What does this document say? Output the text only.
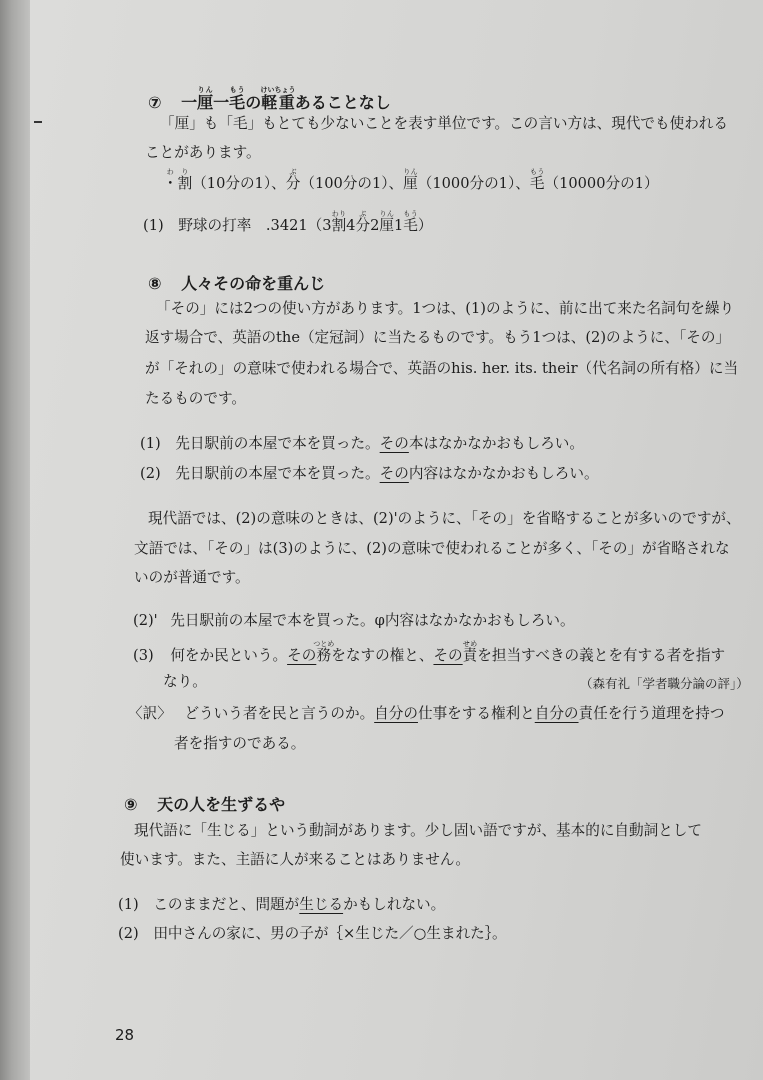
⑦ 一厘りん一毛もうの軽重けいちょうあることなし
「厘」も「毛」もとても少ないことを表す単位です。この言い方は、現代でも使われる
ことがあります。
・割わり（10分の1）、分ぶ（100分の1）、厘りん（1000分の1）、毛もう（10000分の1）
(1) 野球の打率　.3421（3割わり4分ぶ2厘りん1毛もう）
⑧ 人々その命を重んじ
「その」には2つの使い方があります。1つは、(1)のように、前に出て来た名詞句を繰り
返す場合で、英語のthe（定冠詞）に当たるものです。もう1つは、(2)のように、「その」
が「それの」の意味で使われる場合で、英語のhis. her. its. their（代名詞の所有格）に当
たるものです。
(1) 先日駅前の本屋で本を買った。その本はなかなかおもしろい。
(2) 先日駅前の本屋で本を買った。その内容はなかなかおもしろい。
現代語では、(2)の意味のときは、(2)'のように、「その」を省略することが多いのですが、
文語では、「その」は(3)のように、(2)の意味で使われることが多く、「その」が省略されな
いのが普通です。
(2)' 先日駅前の本屋で本を買った。φ内容はなかなかおもしろい。
(3) 何をか民という。その務つとめをなすの権と、その責せめを担当すべきの義とを有する者を指す
なり。	（森有礼「学者職分論の評」）
〈訳〉 どういう者を民と言うのか。自分の仕事をする権利と自分の責任を行う道理を持つ
者を指すのである。
⑨ 天の人を生ずるや
現代語に「生じる」という動詞があります。少し固い語ですが、基本的に自動詞として
使います。また、主語に人が来ることはありません。
(1) このままだと、問題が生じるかもしれない。
(2) 田中さんの家に、男の子が｛×生じた／○生まれた｝。
28
